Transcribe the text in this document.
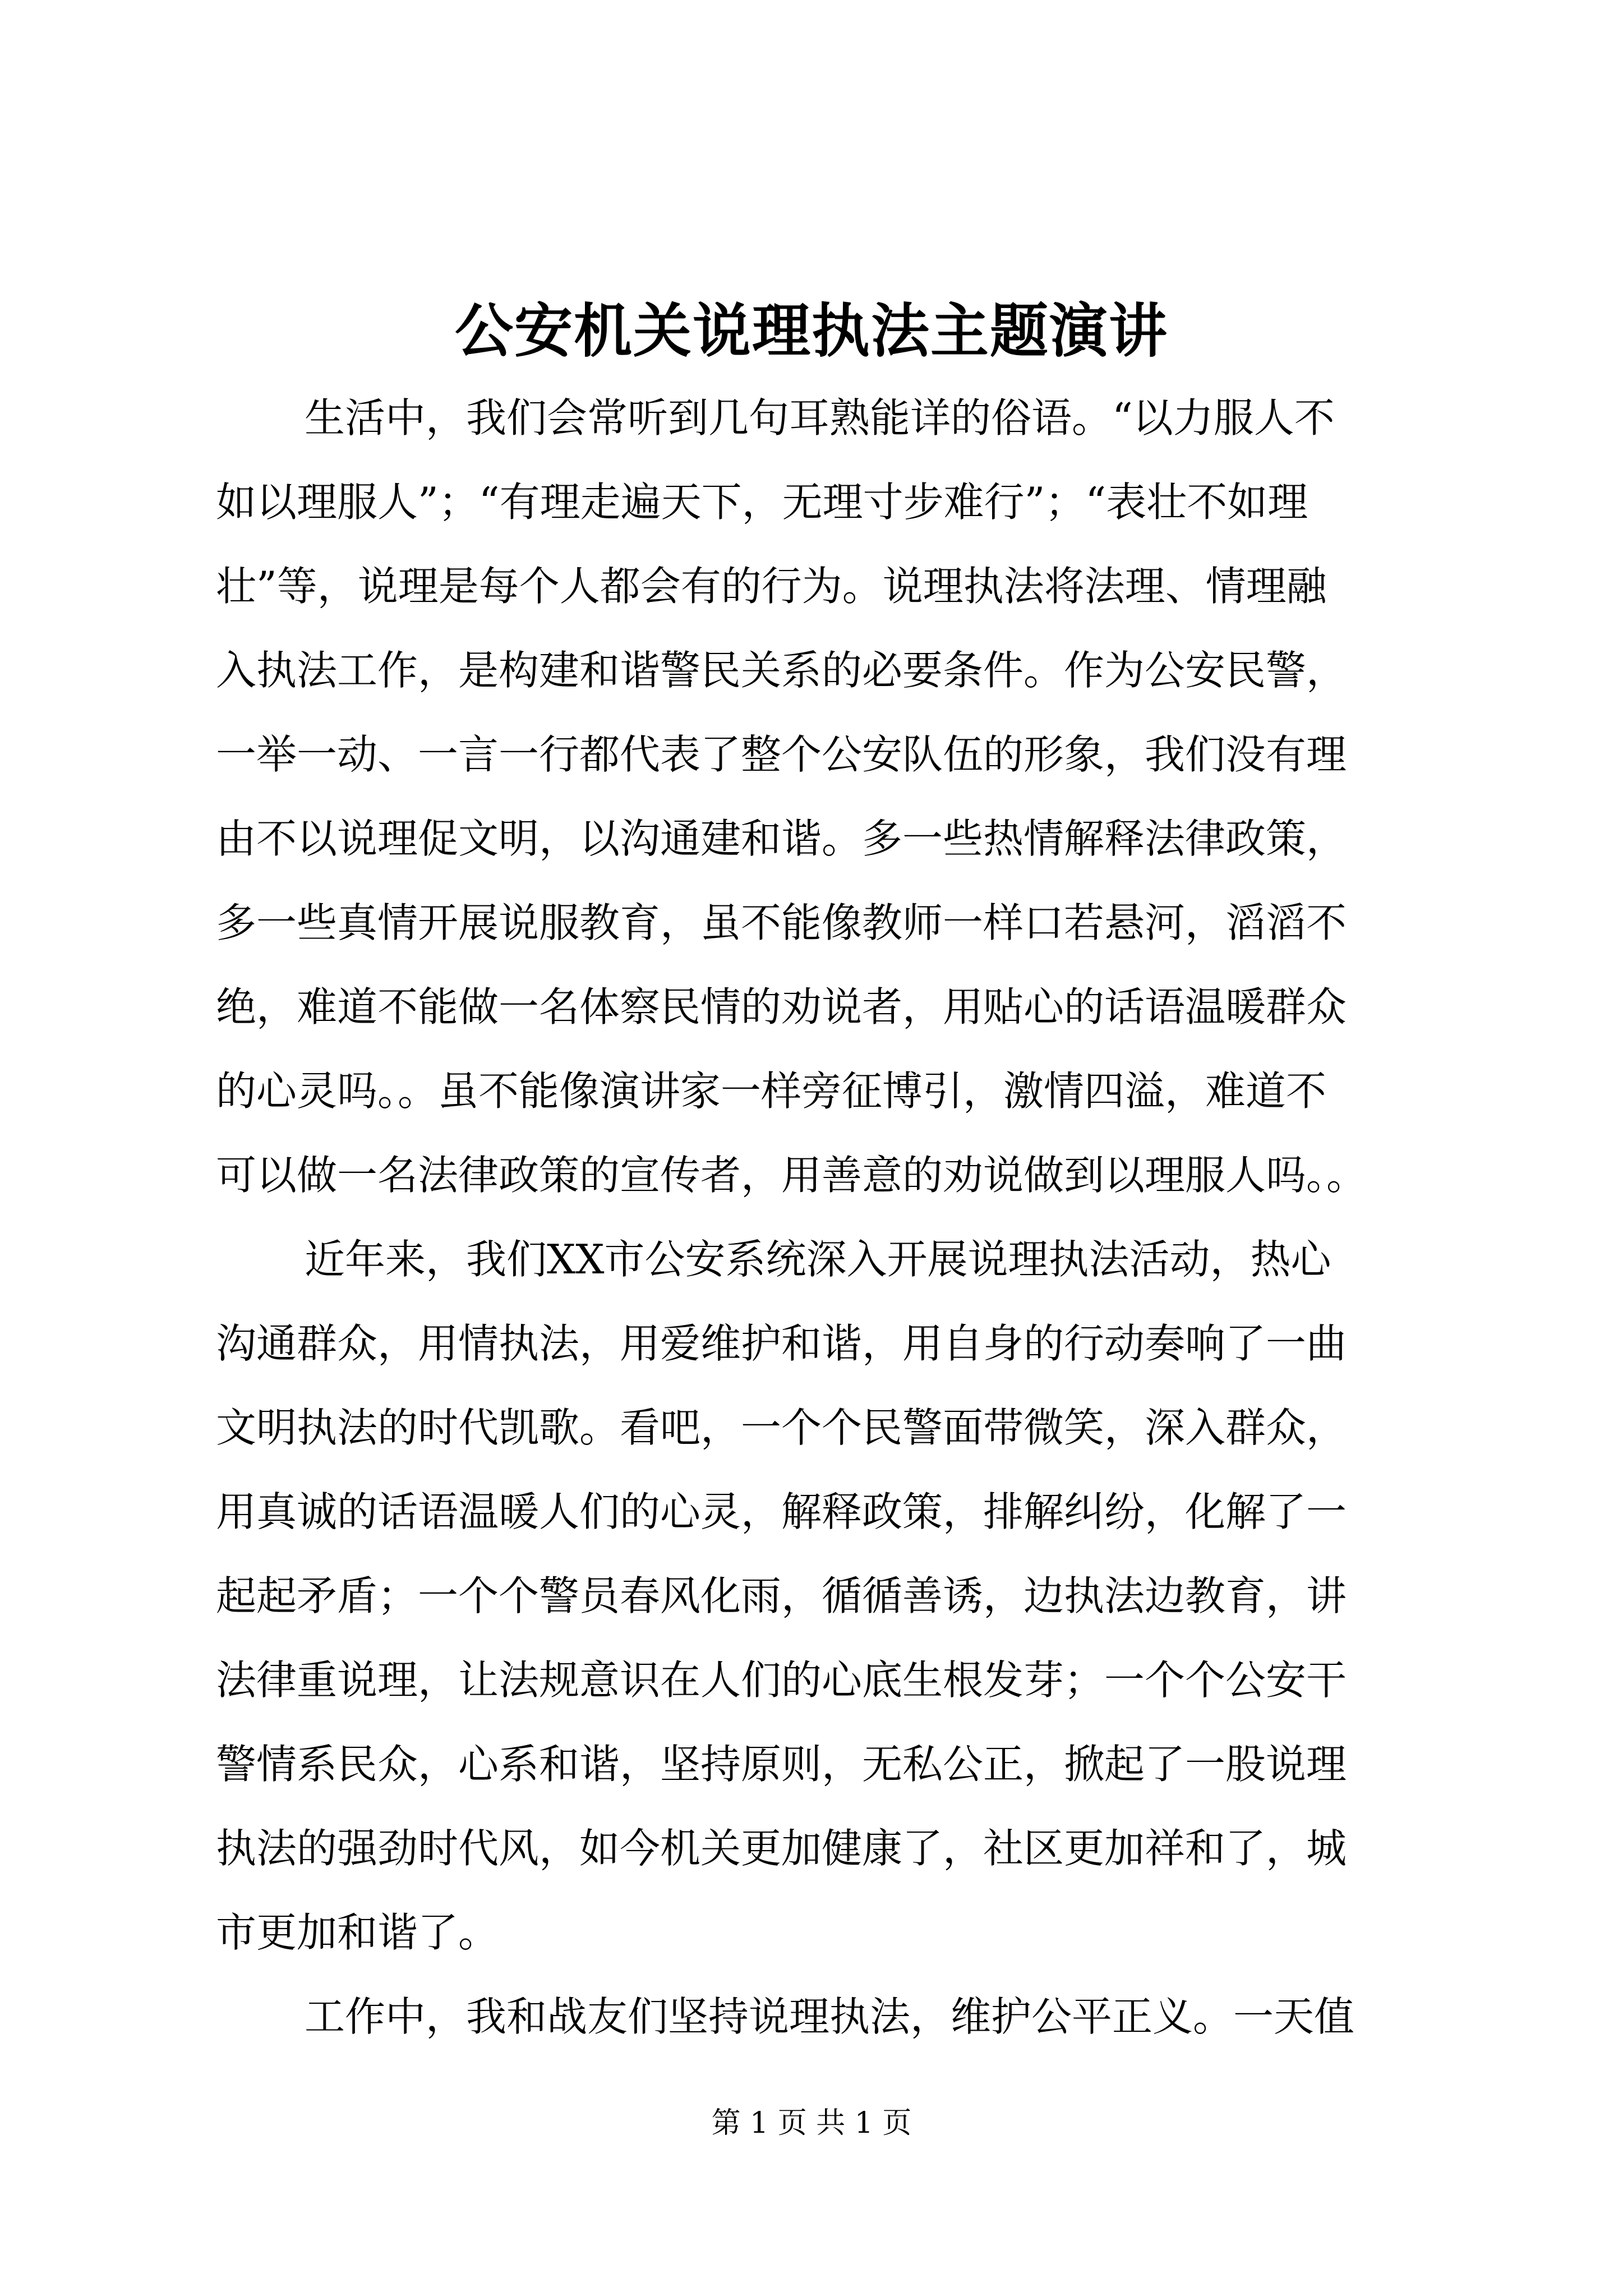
公安机关说理执法主题演讲
生活中，我们会常听到几句耳熟能详的俗语。“以力服人不
如以理服人”；“有理走遍天下，无理寸步难行”；“表壮不如理
壮”等，说理是每个人都会有的行为。说理执法将法理、情理融
入执法工作，是构建和谐警民关系的必要条件。作为公安民警，
一举一动、一言一行都代表了整个公安队伍的形象，我们没有理
由不以说理促文明，以沟通建和谐。多一些热情解释法律政策，
多一些真情开展说服教育，虽不能像教师一样口若悬河，滔滔不
绝，难道不能做一名体察民情的劝说者，用贴心的话语温暖群众
的心灵吗。。虽不能像演讲家一样旁征博引，激情四溢，难道不
可以做一名法律政策的宣传者，用善意的劝说做到以理服人吗。。
近年来，我们XX市公安系统深入开展说理执法活动，热心
沟通群众，用情执法，用爱维护和谐，用自身的行动奏响了一曲
文明执法的时代凯歌。看吧，一个个民警面带微笑，深入群众，
用真诚的话语温暖人们的心灵，解释政策，排解纠纷，化解了一
起起矛盾；一个个警员春风化雨，循循善诱，边执法边教育，讲
法律重说理，让法规意识在人们的心底生根发芽；一个个公安干
警情系民众，心系和谐，坚持原则，无私公正，掀起了一股说理
执法的强劲时代风，如今机关更加健康了，社区更加祥和了，城
市更加和谐了。
工作中，我和战友们坚持说理执法，维护公平正义。一天值
第 1 页 共 1 页
